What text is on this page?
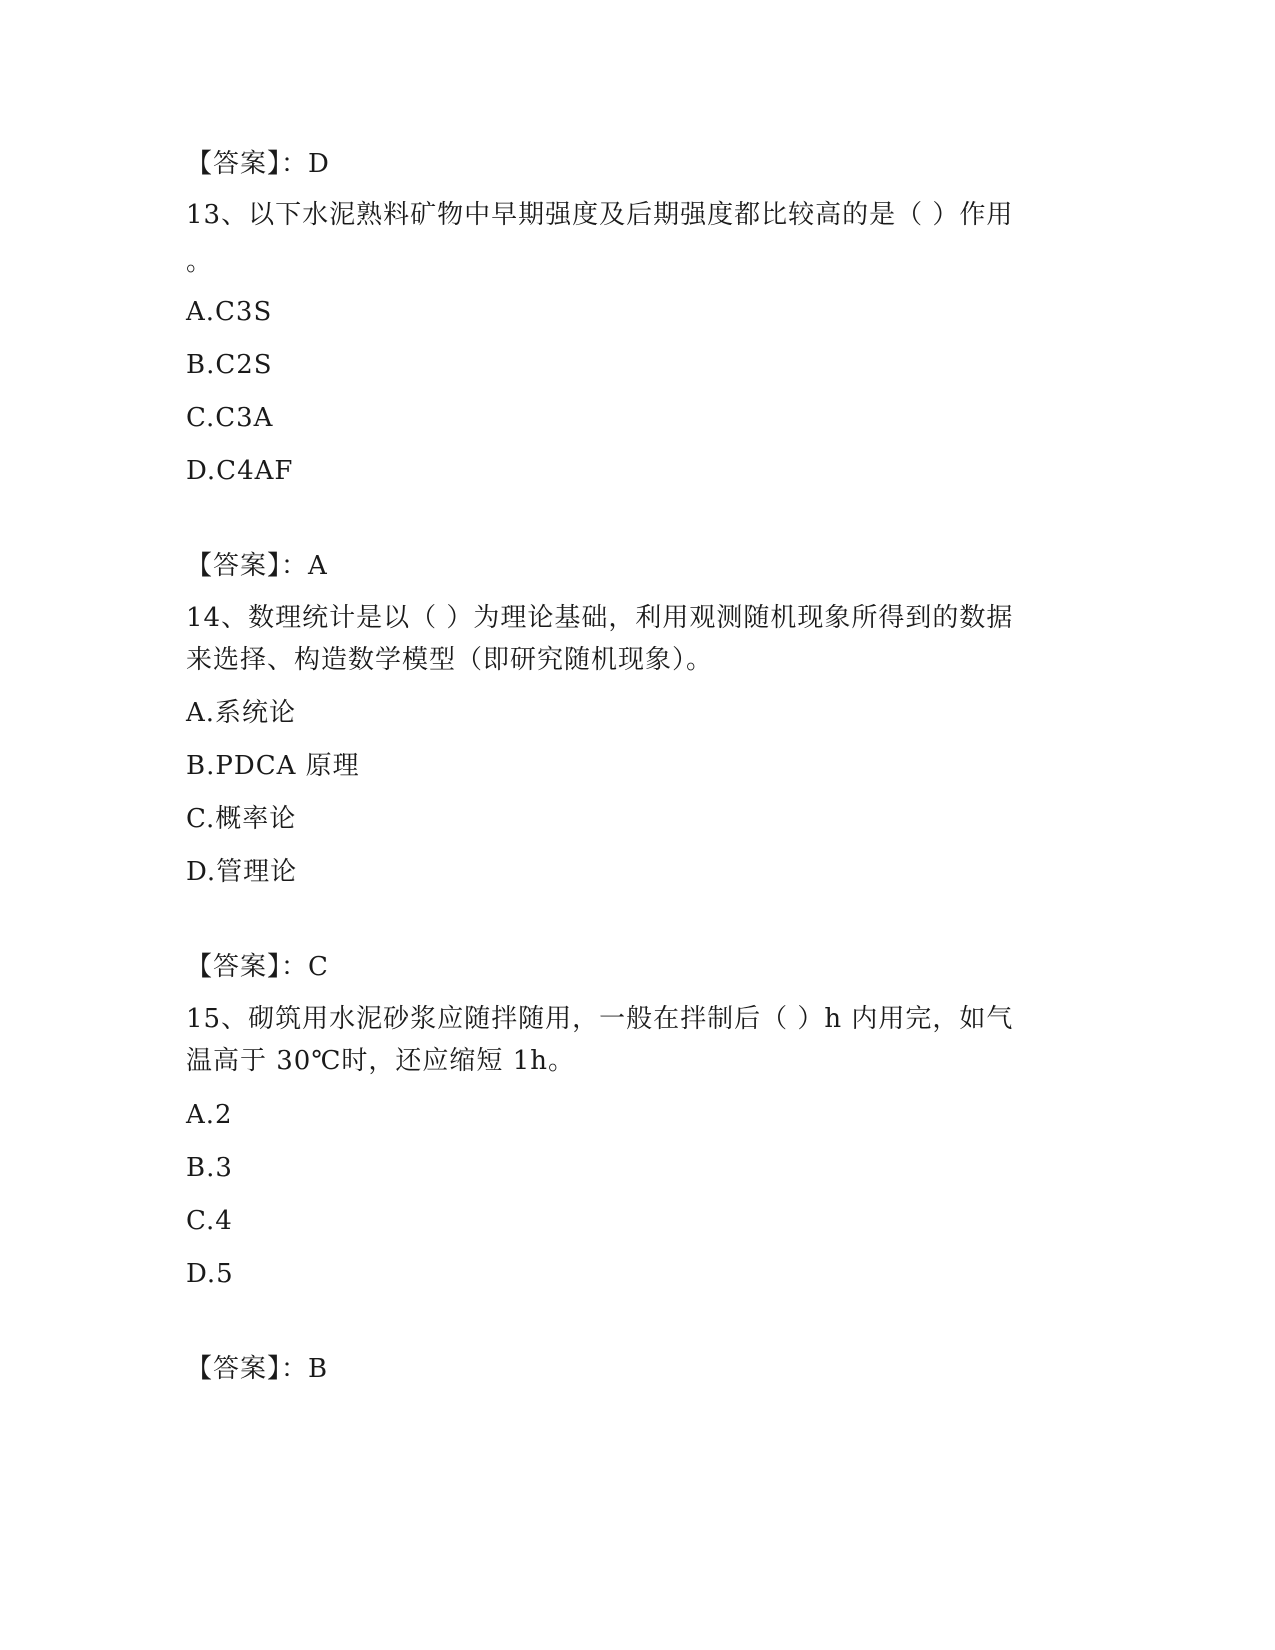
【答案】：D
13、以下水泥熟料矿物中早期强度及后期强度都比较高的是（ ）作用
。
A.C3S
B.C2S
C.C3A
D.C4AF
【答案】：A
14、数理统计是以（ ）为理论基础，利用观测随机现象所得到的数据
来选择、构造数学模型（即研究随机现象）。
A.系统论
B.PDCA 原理
C.概率论
D.管理论
【答案】：C
15、砌筑用水泥砂浆应随拌随用，一般在拌制后（ ）h 内用完，如气
温高于 30℃时，还应缩短 1h。
A.2
B.3
C.4
D.5
【答案】：B
